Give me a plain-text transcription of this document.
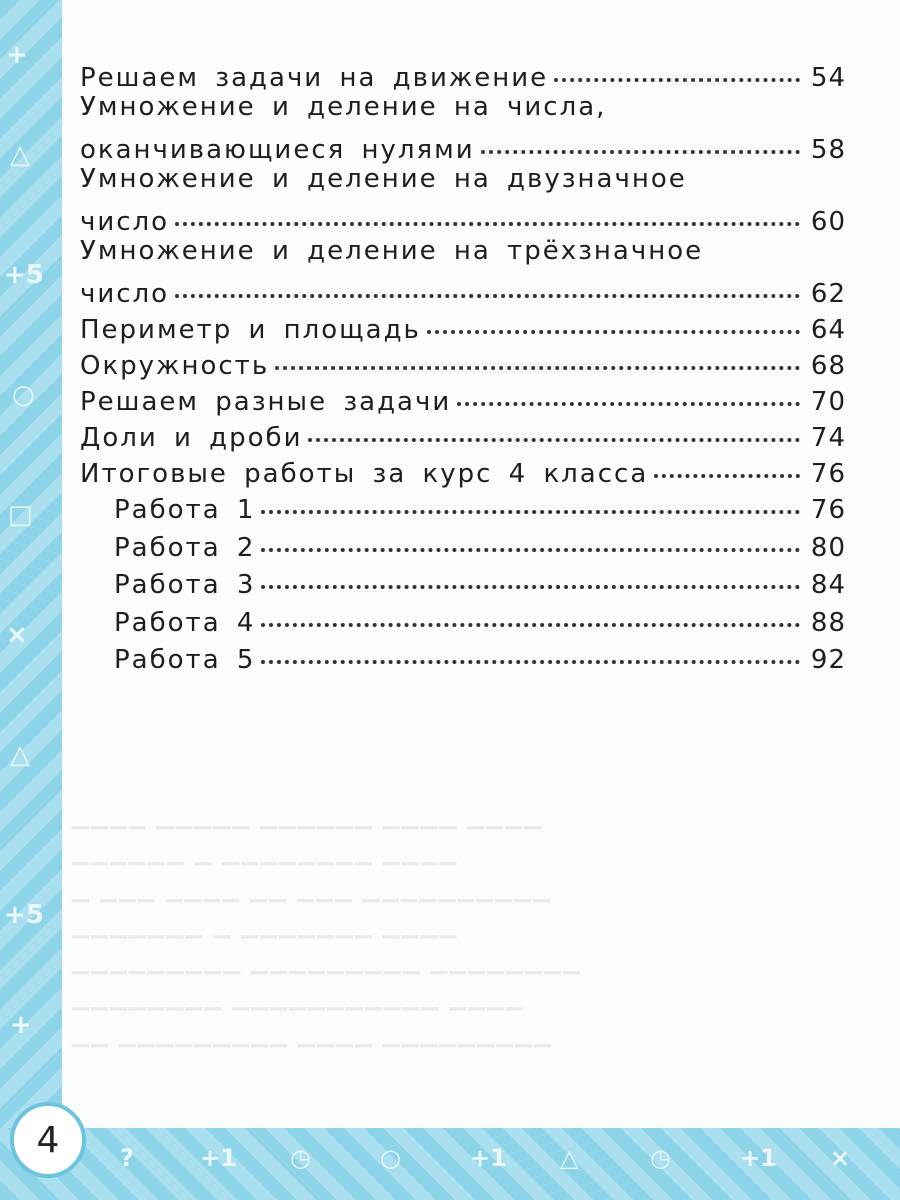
+
△
+5
○
□
×
△
+5
+
?	+1 ◷	○	+1 △	◷	+1 ×
▁▁▁▁ ▁▁▁▁▁ ▁▁▁▁▁▁ ▁▁▁▁ ▁▁▁▁
▁▁▁▁▁▁ ▁ ▁▁▁▁▁▁▁▁ ▁▁▁▁
▁ ▁▁▁ ▁▁▁▁ ▁▁ ▁▁▁ ▁▁▁▁▁▁▁▁▁▁
▁▁▁▁▁▁▁ ▁ ▁▁▁▁▁▁▁ ▁▁▁▁
▁▁▁▁▁▁▁▁▁ ▁▁▁▁▁▁▁▁▁ ▁▁▁▁▁▁▁▁
▁▁▁▁▁▁▁▁ ▁▁▁▁▁▁▁▁▁▁▁ ▁▁▁▁
▁▁ ▁▁▁▁▁▁▁▁▁ ▁▁▁▁ ▁▁▁▁▁▁▁▁▁
Решаем задачи на движение	54
Умножение и деление на числа,
оканчивающиеся нулями	58
Умножение и деление на двузначное
число	60
Умножение и деление на трёхзначное
число	62
Периметр и площадь	64
Окружность	68
Решаем разные задачи	70
Доли и дроби	74
Итоговые работы за курс 4 класса	76
Работа 1	76
Работа 2	80
Работа 3	84
Работа 4	88
Работа 5	92
4
